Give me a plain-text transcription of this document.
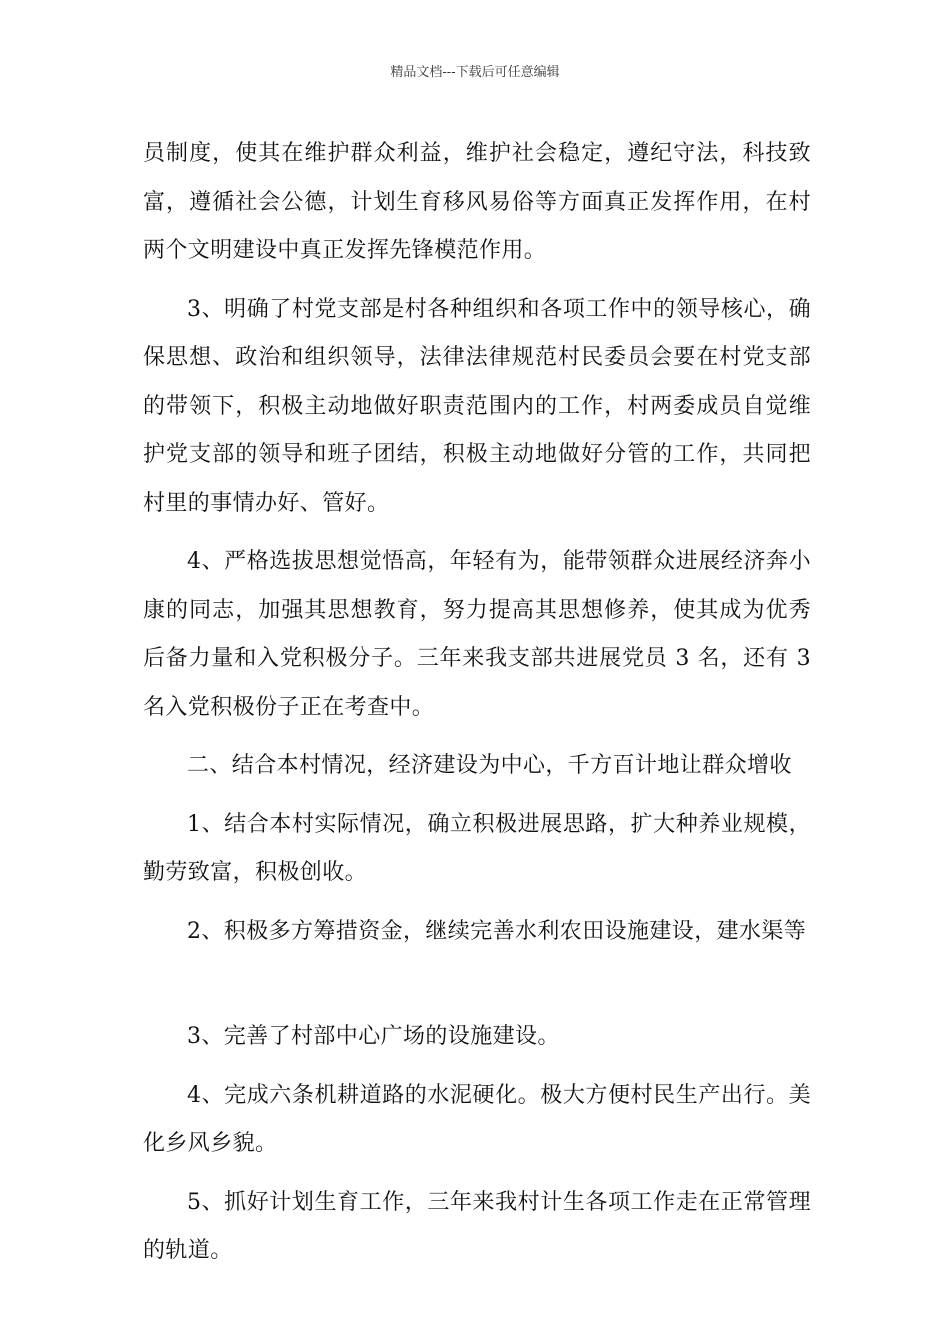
精品文档---下载后可任意编辑

员制度，使其在维护群众利益，维护社会稳定，遵纪守法，科技致富，遵循社会公德，计划生育移风易俗等方面真正发挥作用，在村两个文明建设中真正发挥先锋模范作用。

3、明确了村党支部是村各种组织和各项工作中的领导核心，确保思想、政治和组织领导，法律法律规范村民委员会要在村党支部的带领下，积极主动地做好职责范围内的工作，村两委成员自觉维护党支部的领导和班子团结，积极主动地做好分管的工作，共同把村里的事情办好、管好。

4、严格选拔思想觉悟高，年轻有为，能带领群众进展经济奔小康的同志，加强其思想教育，努力提高其思想修养，使其成为优秀后备力量和入党积极分子。三年来我支部共进展党员 3 名，还有 3 名入党积极份子正在考查中。

二、结合本村情况，经济建设为中心，千方百计地让群众增收

1、结合本村实际情况，确立积极进展思路，扩大种养业规模，勤劳致富，积极创收。

2、积极多方筹措资金，继续完善水利农田设施建设，建水渠等

3、完善了村部中心广场的设施建设。

4、完成六条机耕道路的水泥硬化。极大方便村民生产出行。美化乡风乡貌。

5、抓好计划生育工作，三年来我村计生各项工作走在正常管理的轨道。
